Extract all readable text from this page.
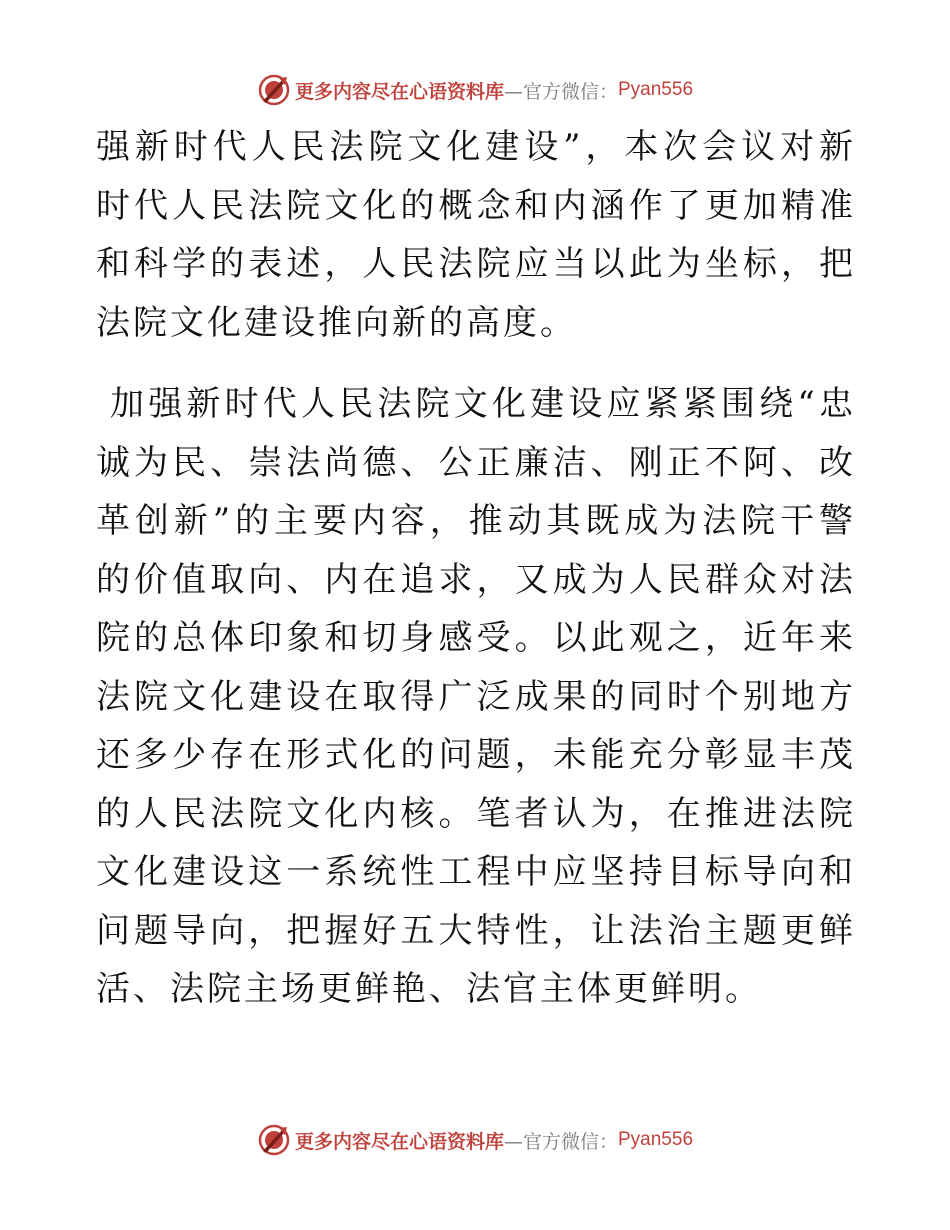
更多内容尽在心语资料库 —官方微信： Pyan556

强新时代人民法院文化建设”，本次会议对新时代人民法院文化的概念和内涵作了更加精准和科学的表述，人民法院应当以此为坐标，把法院文化建设推向新的高度。

加强新时代人民法院文化建设应紧紧围绕“忠诚为民、崇法尚德、公正廉洁、刚正不阿、改革创新”的主要内容，推动其既成为法院干警的价值取向、内在追求，又成为人民群众对法院的总体印象和切身感受。以此观之，近年来法院文化建设在取得广泛成果的同时个别地方还多少存在形式化的问题，未能充分彰显丰茂的人民法院文化内核。笔者认为，在推进法院文化建设这一系统性工程中应坚持目标导向和问题导向，把握好五大特性，让法治主题更鲜活、法院主场更鲜艳、法官主体更鲜明。

更多内容尽在心语资料库 —官方微信： Pyan556
